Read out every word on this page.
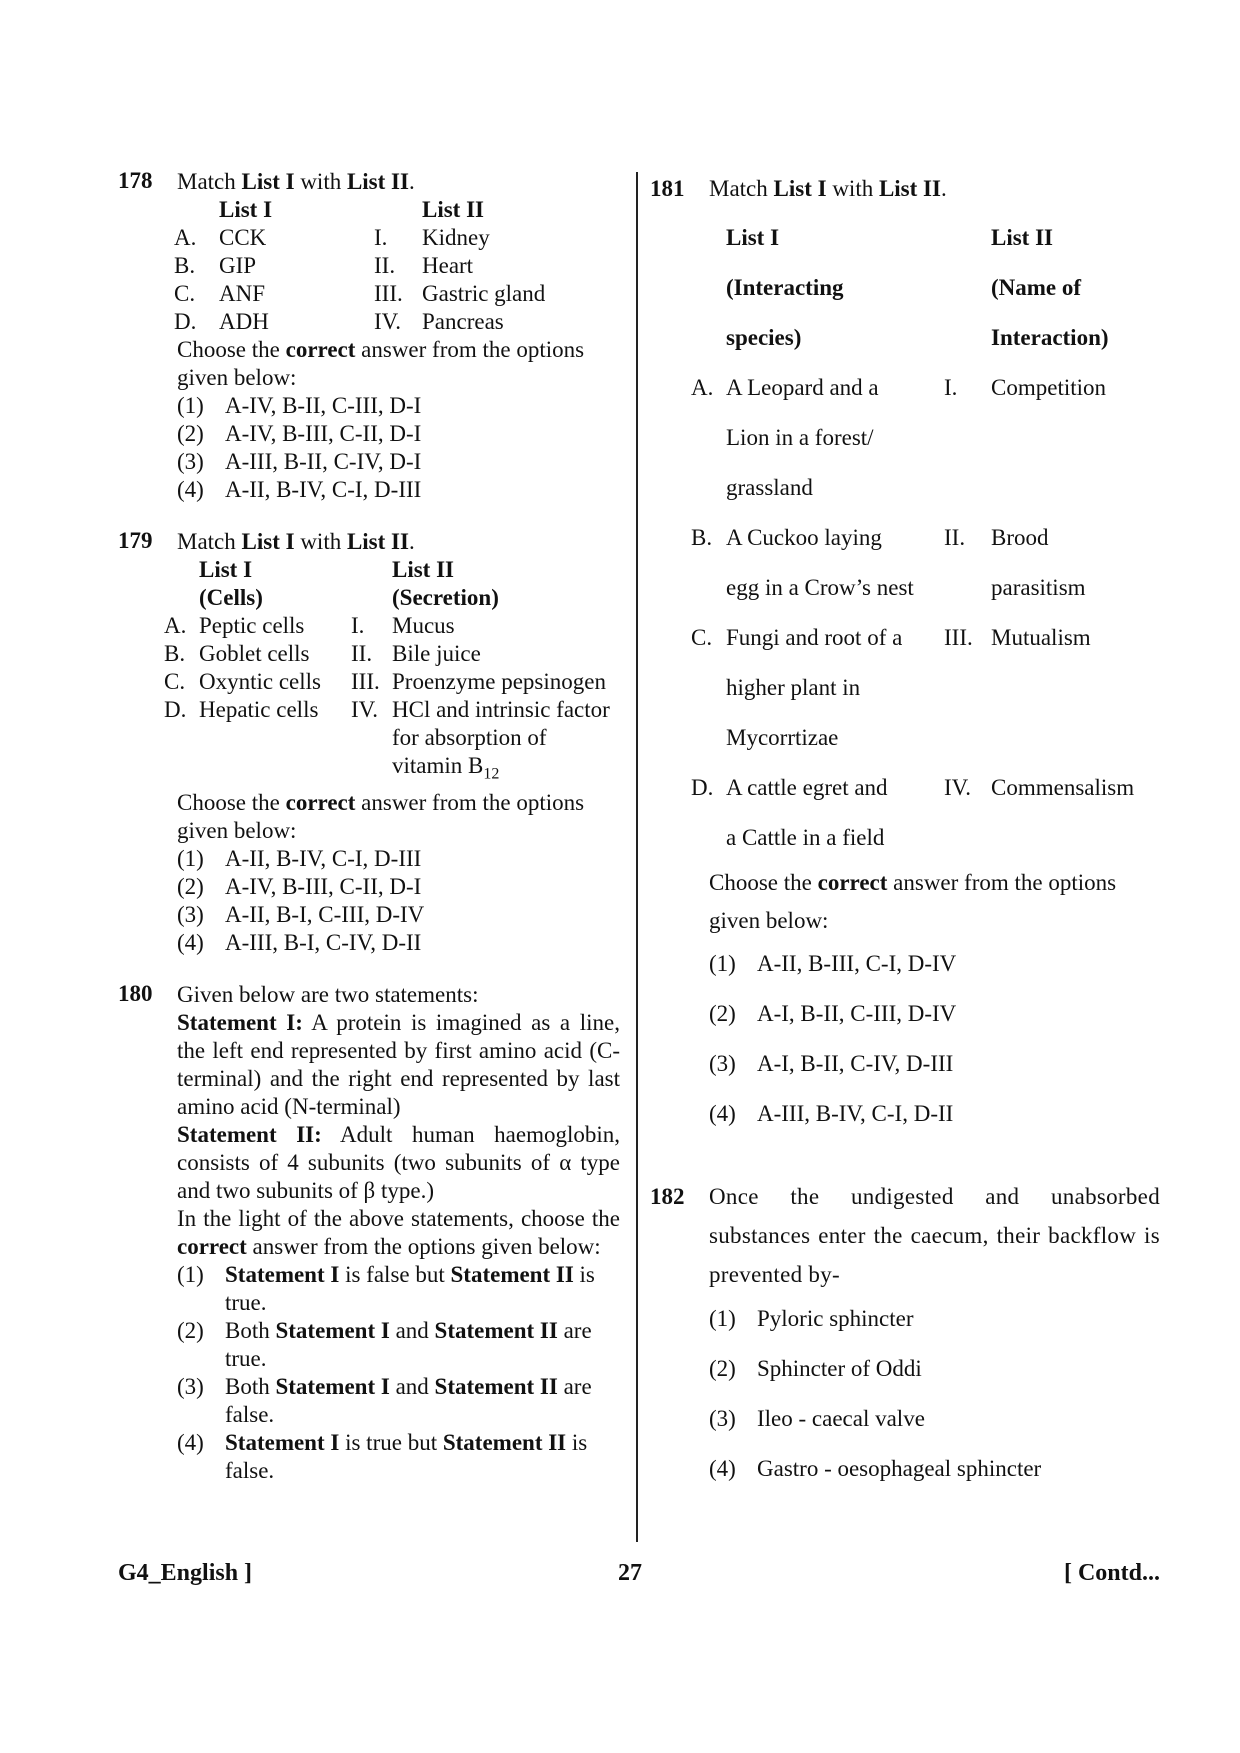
178 Match List I with List II.
	List I		List II
A.	CCK	I.	Kidney
B.	GIP	II.	Heart
C.	ANF	III.	Gastric gland
D.	ADH	IV.	Pancreas
Choose the correct answer from the options
given below:
(1) A-IV, B-II, C-III, D-I
(2) A-IV, B-III, C-II, D-I
(3) A-III, B-II, C-IV, D-I
(4) A-II, B-IV, C-I, D-III
179 Match List I with List II.
	List I		List II
	(Cells)		(Secretion)
A.	Peptic cells	I.	Mucus
B.	Goblet cells	II.	Bile juice
C.	Oxyntic cells	III.	Proenzyme pepsinogen
D.	Hepatic cells	IV.	HCl and intrinsic factor
			for absorption of
			vitamin $B_{12}$
Choose the correct answer from the options
given below:
(1) A-II, B-IV, C-I, D-III
(2) A-IV, B-III, C-II, D-I
(3) A-II, B-I, C-III, D-IV
(4) A-III, B-I, C-IV, D-II
180 Given below are two statements:
Statement I: A protein is imagined as a line, the left end represented by first amino acid (C-terminal) and the right end represented by last amino acid (N-terminal)
Statement II: Adult human haemoglobin, consists of 4 subunits (two subunits of α type and two subunits of β type.)
In the light of the above statements, choose the correct answer from the options given below:
(1) Statement I is false but Statement II is true.
(2) Both Statement I and Statement II are true.
(3) Both Statement I and Statement II are false.
(4) Statement I is true but Statement II is false.
181 Match List I with List II.
	List I		List II
	(Interacting		(Name of
	species)		Interaction)
A.	A Leopard and a	I.	Competition
	Lion in a forest/		
	grassland		
B.	A Cuckoo laying	II.	Brood
	egg in a Crow’s nest		parasitism
C.	Fungi and root of a	III.	Mutualism
	higher plant in		
	Mycorrtizae		
D.	A cattle egret and	IV.	Commensalism
	a Cattle in a field		
Choose the correct answer from the options
given below:
(1) A-II, B-III, C-I, D-IV
(2) A-I, B-II, C-III, D-IV
(3) A-I, B-II, C-IV, D-III
(4) A-III, B-IV, C-I, D-II
182 Once the undigested and unabsorbed substances enter the caecum, their backflow is prevented by-
(1) Pyloric sphincter
(2) Sphincter of Oddi
(3) Ileo - caecal valve
(4) Gastro - oesophageal sphincter
G4_English ]	27	[ Contd...
